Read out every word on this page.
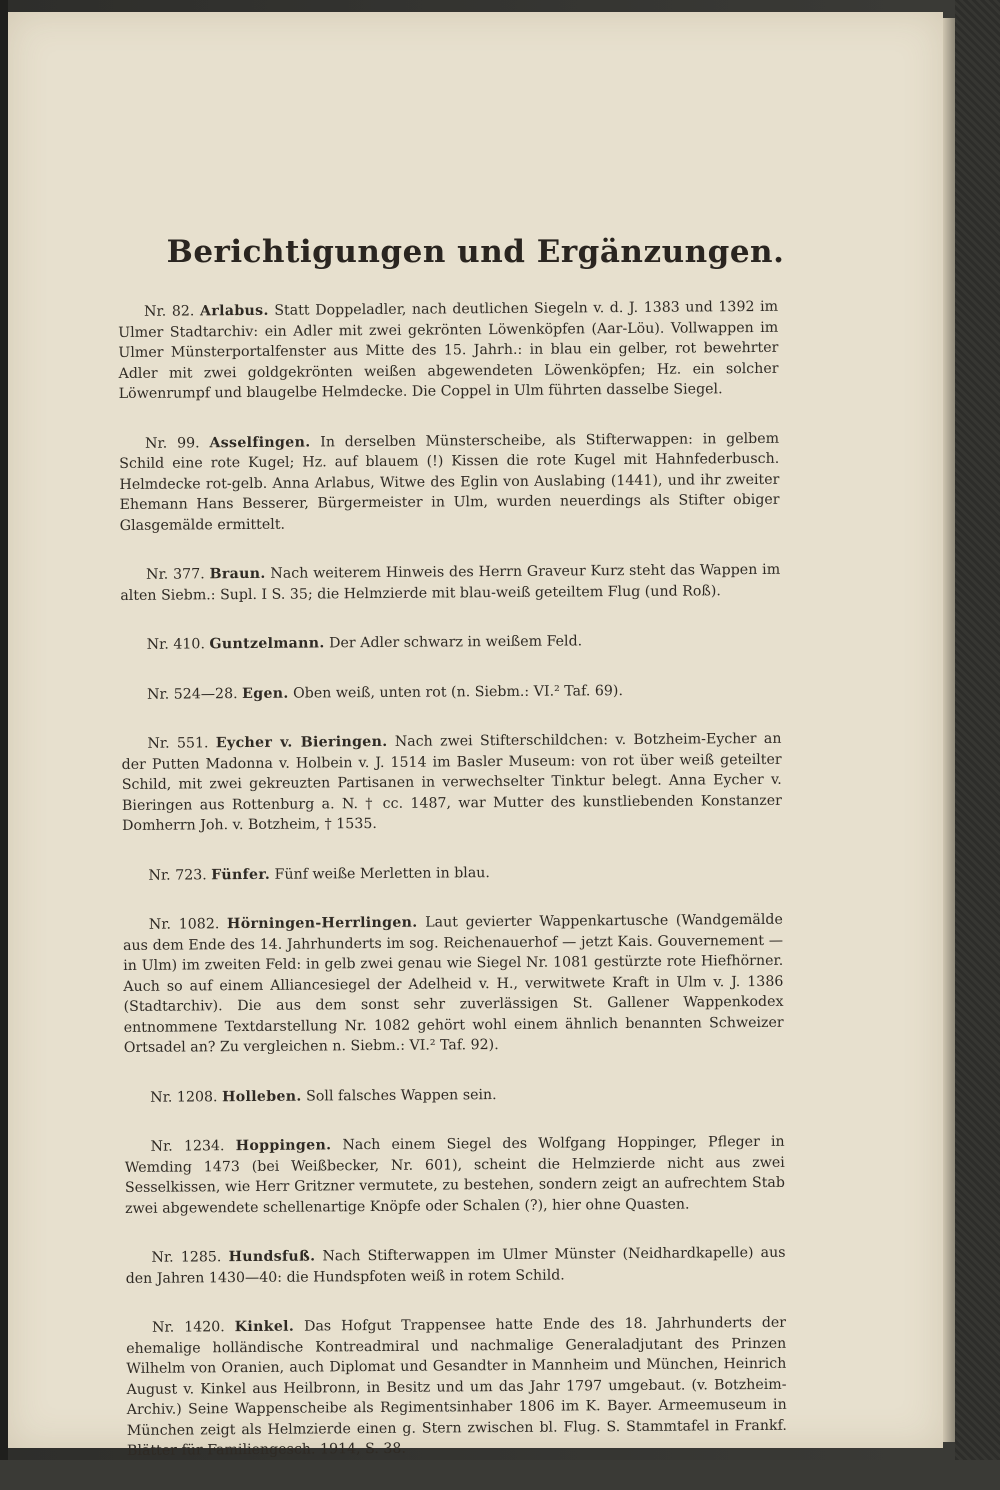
Berichtigungen und Ergänzungen.

Nr. 82. Arlabus. Statt Doppeladler, nach deutlichen Siegeln v. d. J. 1383 und 1392 im Ulmer Stadtarchiv: ein Adler mit zwei gekrönten Löwenköpfen (Aar-Löu). Vollwappen im Ulmer Münsterportalfenster aus Mitte des 15. Jahrh.: in blau ein gelber, rot bewehrter Adler mit zwei goldgekrönten weißen abgewendeten Löwenköpfen; Hz. ein solcher Löwenrumpf und blaugelbe Helmdecke. Die Coppel in Ulm führten dasselbe Siegel.

Nr. 99. Asselfingen. In derselben Münsterscheibe, als Stifterwappen: in gelbem Schild eine rote Kugel; Hz. auf blauem (!) Kissen die rote Kugel mit Hahnfederbusch. Helmdecke rot-gelb. Anna Arlabus, Witwe des Eglin von Auslabing (1441), und ihr zweiter Ehemann Hans Besserer, Bürgermeister in Ulm, wurden neuerdings als Stifter obiger Glasgemälde ermittelt.

Nr. 377. Braun. Nach weiterem Hinweis des Herrn Graveur Kurz steht das Wappen im alten Siebm.: Supl. I S. 35; die Helmzierde mit blau-weiß geteiltem Flug (und Roß).

Nr. 410. Guntzelmann. Der Adler schwarz in weißem Feld.

Nr. 524—28. Egen. Oben weiß, unten rot (n. Siebm.: VI.² Taf. 69).

Nr. 551. Eycher v. Bieringen. Nach zwei Stifterschildchen: v. Botzheim-Eycher an der Putten Madonna v. Holbein v. J. 1514 im Basler Museum: von rot über weiß geteilter Schild, mit zwei gekreuzten Partisanen in verwechselter Tinktur belegt. Anna Eycher v. Bieringen aus Rottenburg a. N. † cc. 1487, war Mutter des kunstliebenden Konstanzer Domherrn Joh. v. Botzheim, † 1535.

Nr. 723. Fünfer. Fünf weiße Merletten in blau.

Nr. 1082. Hörningen-Herrlingen. Laut gevierter Wappenkartusche (Wandgemälde aus dem Ende des 14. Jahrhunderts im sog. Reichenauerhof — jetzt Kais. Gouvernement — in Ulm) im zweiten Feld: in gelb zwei genau wie Siegel Nr. 1081 gestürzte rote Hiefhörner. Auch so auf einem Alliancesiegel der Adelheid v. H., verwitwete Kraft in Ulm v. J. 1386 (Stadtarchiv). Die aus dem sonst sehr zuverlässigen St. Gallener Wappenkodex entnommene Textdarstellung Nr. 1082 gehört wohl einem ähnlich benannten Schweizer Ortsadel an? Zu vergleichen n. Siebm.: VI.² Taf. 92).

Nr. 1208. Holleben. Soll falsches Wappen sein.

Nr. 1234. Hoppingen. Nach einem Siegel des Wolfgang Hoppinger, Pfleger in Wemding 1473 (bei Weißbecker, Nr. 601), scheint die Helmzierde nicht aus zwei Sesselkissen, wie Herr Gritzner vermutete, zu bestehen, sondern zeigt an aufrechtem Stab zwei abgewendete schellenartige Knöpfe oder Schalen (?), hier ohne Quasten.

Nr. 1285. Hundsfuß. Nach Stifterwappen im Ulmer Münster (Neidhardkapelle) aus den Jahren 1430—40: die Hundspfoten weiß in rotem Schild.

Nr. 1420. Kinkel. Das Hofgut Trappensee hatte Ende des 18. Jahrhunderts der ehemalige holländische Kontreadmiral und nachmalige Generaladjutant des Prinzen Wilhelm von Oranien, auch Diplomat und Gesandter in Mannheim und München, Heinrich August v. Kinkel aus Heilbronn, in Besitz und um das Jahr 1797 umgebaut. (v. Botzheim-Archiv.) Seine Wappenscheibe als Regimentsinhaber 1806 im K. Bayer. Armeemuseum in München zeigt als Helmzierde einen g. Stern zwischen bl. Flug. S. Stammtafel in Frankf. Blätter für Familiengesch. 1914, S. 38.
